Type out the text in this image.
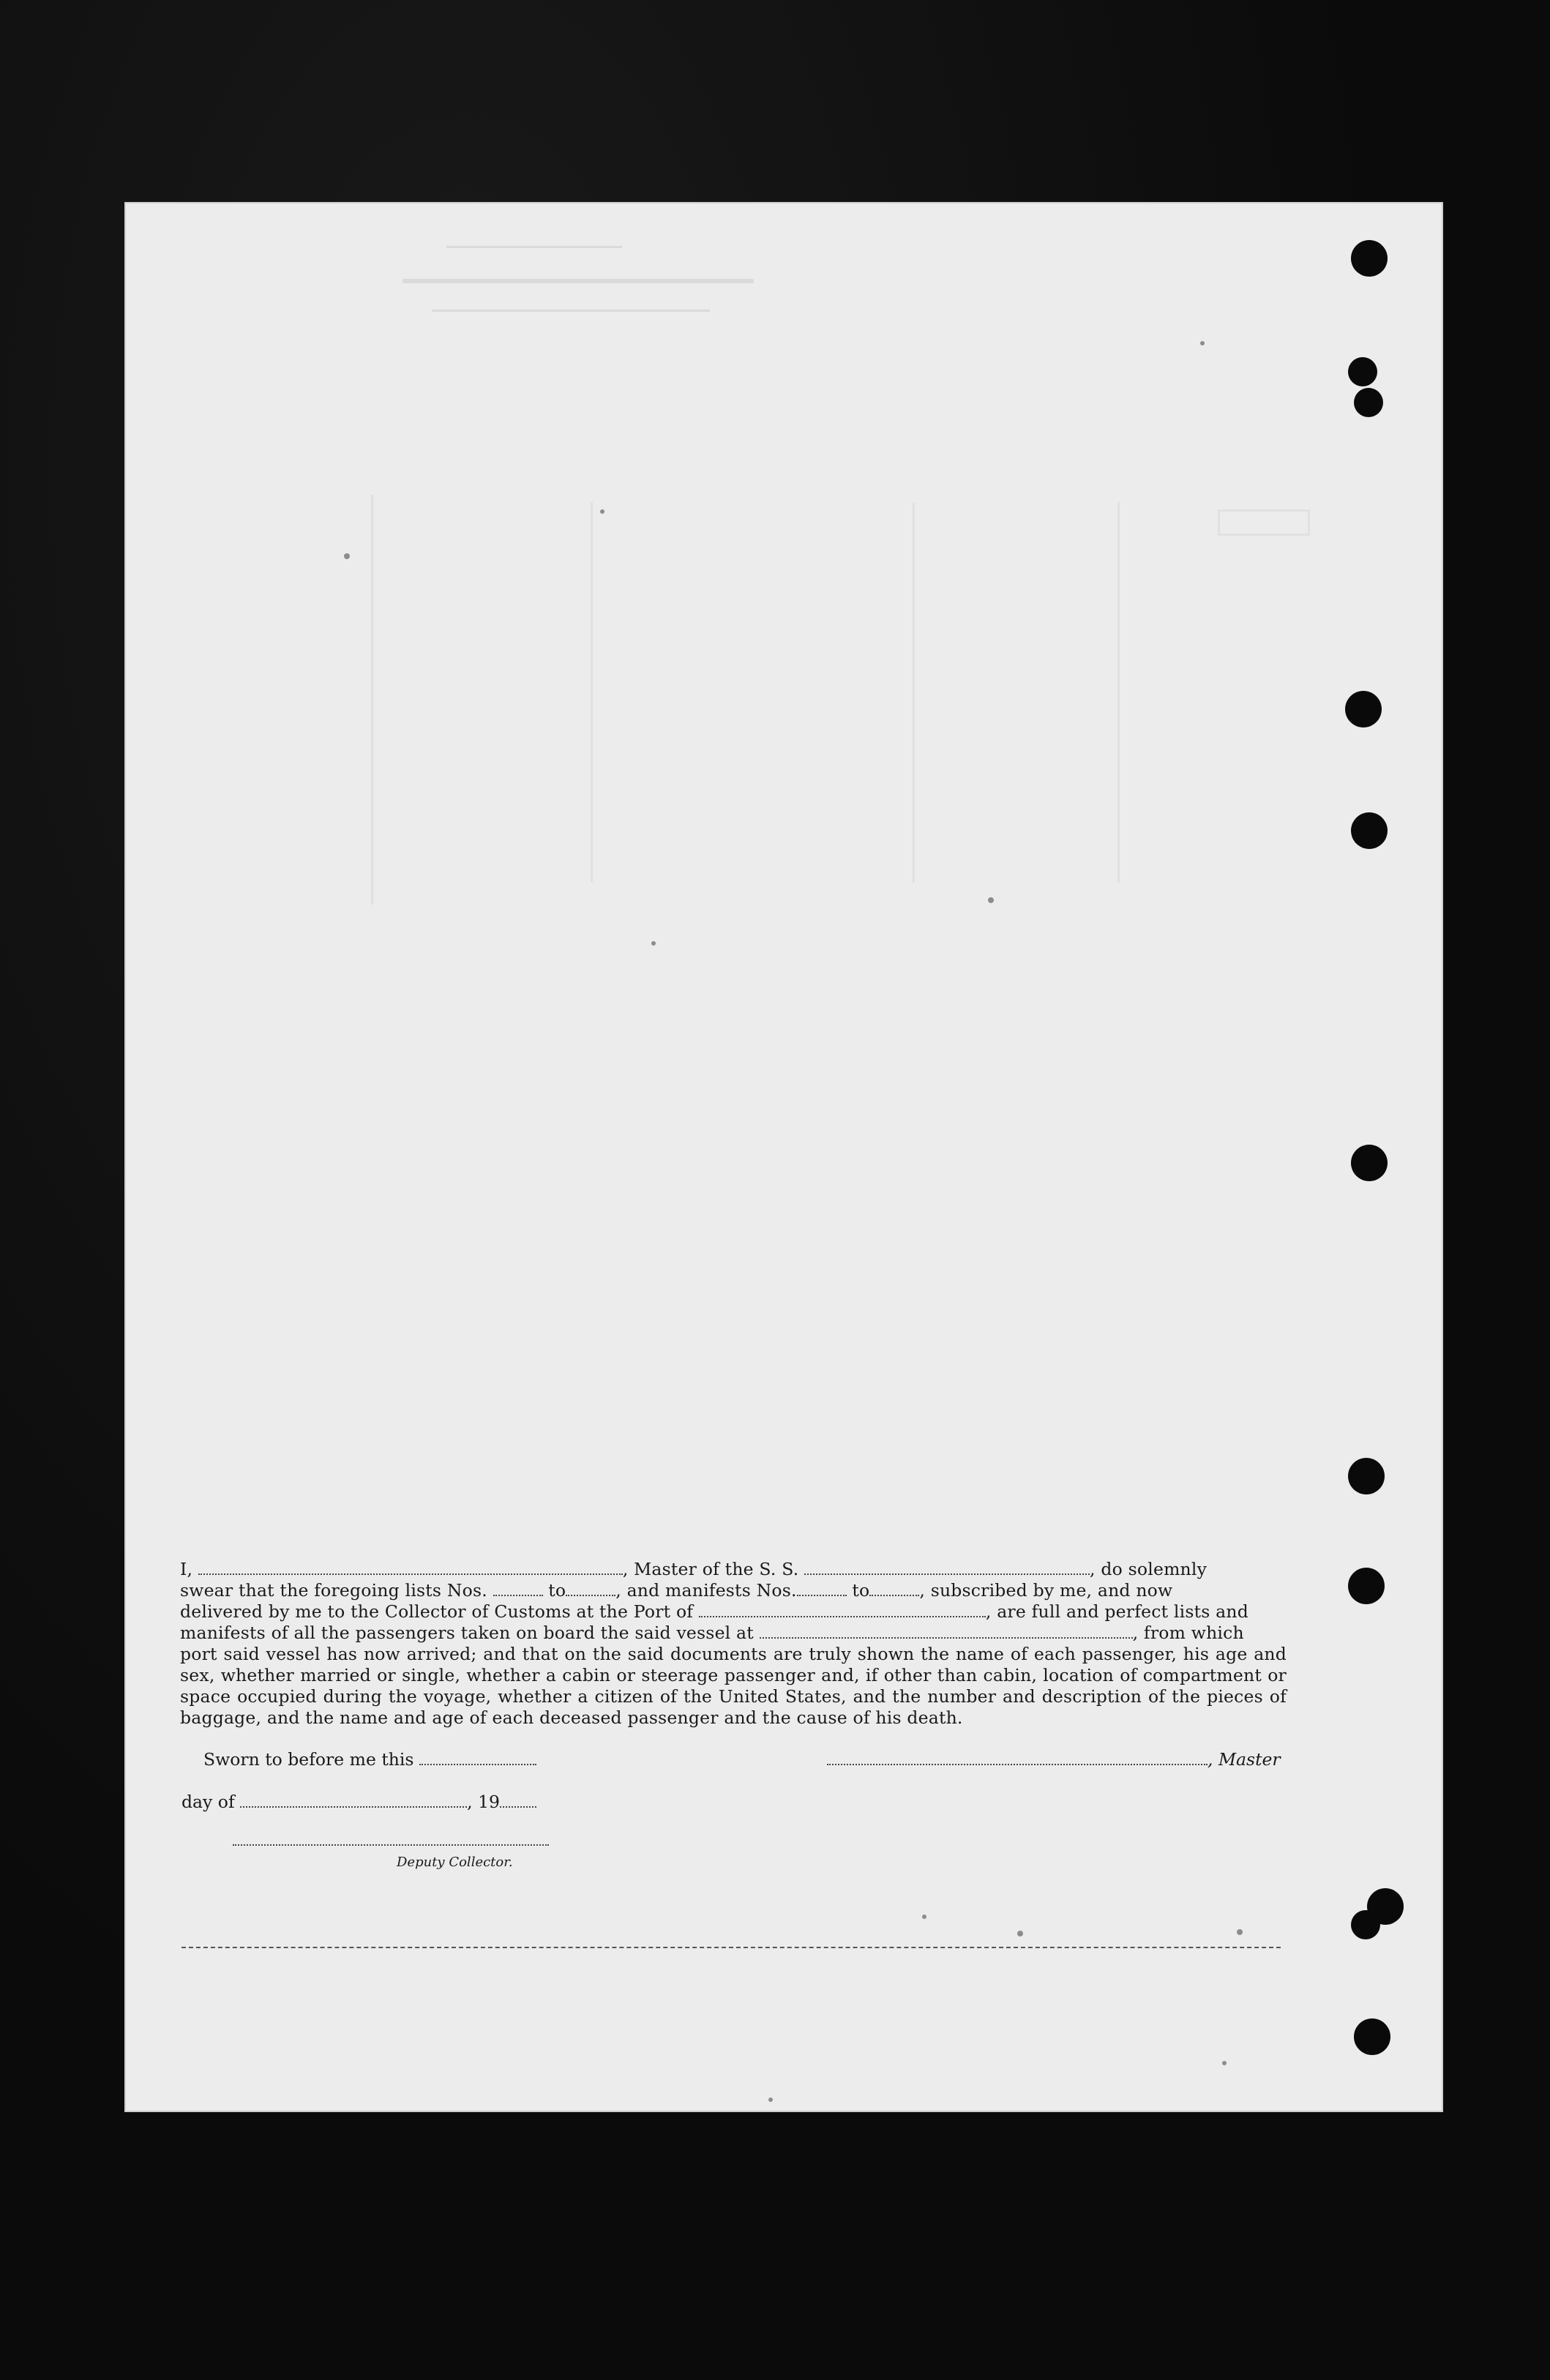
I,	, Master of the S. S.	, do solemnly
swear that the foregoing lists Nos.	to	, and manifests Nos.	to	, subscribed by me, and now
delivered by me to the Collector of Customs at the Port of	, are full and perfect lists and
manifests of all the passengers taken on board the said vessel at	, from which
port said vessel has now arrived; and that on the said documents are truly shown the name of each passenger, his age and sex, whether married or single, whether a cabin or steerage passenger and, if other than cabin, location of compartment or space occupied during the voyage, whether a citizen of the United States, and the number and description of the pieces of baggage, and the name and age of each deceased passenger and the cause of his death.
Sworn to before me this	, Master
day of	, 19
Deputy Collector.
